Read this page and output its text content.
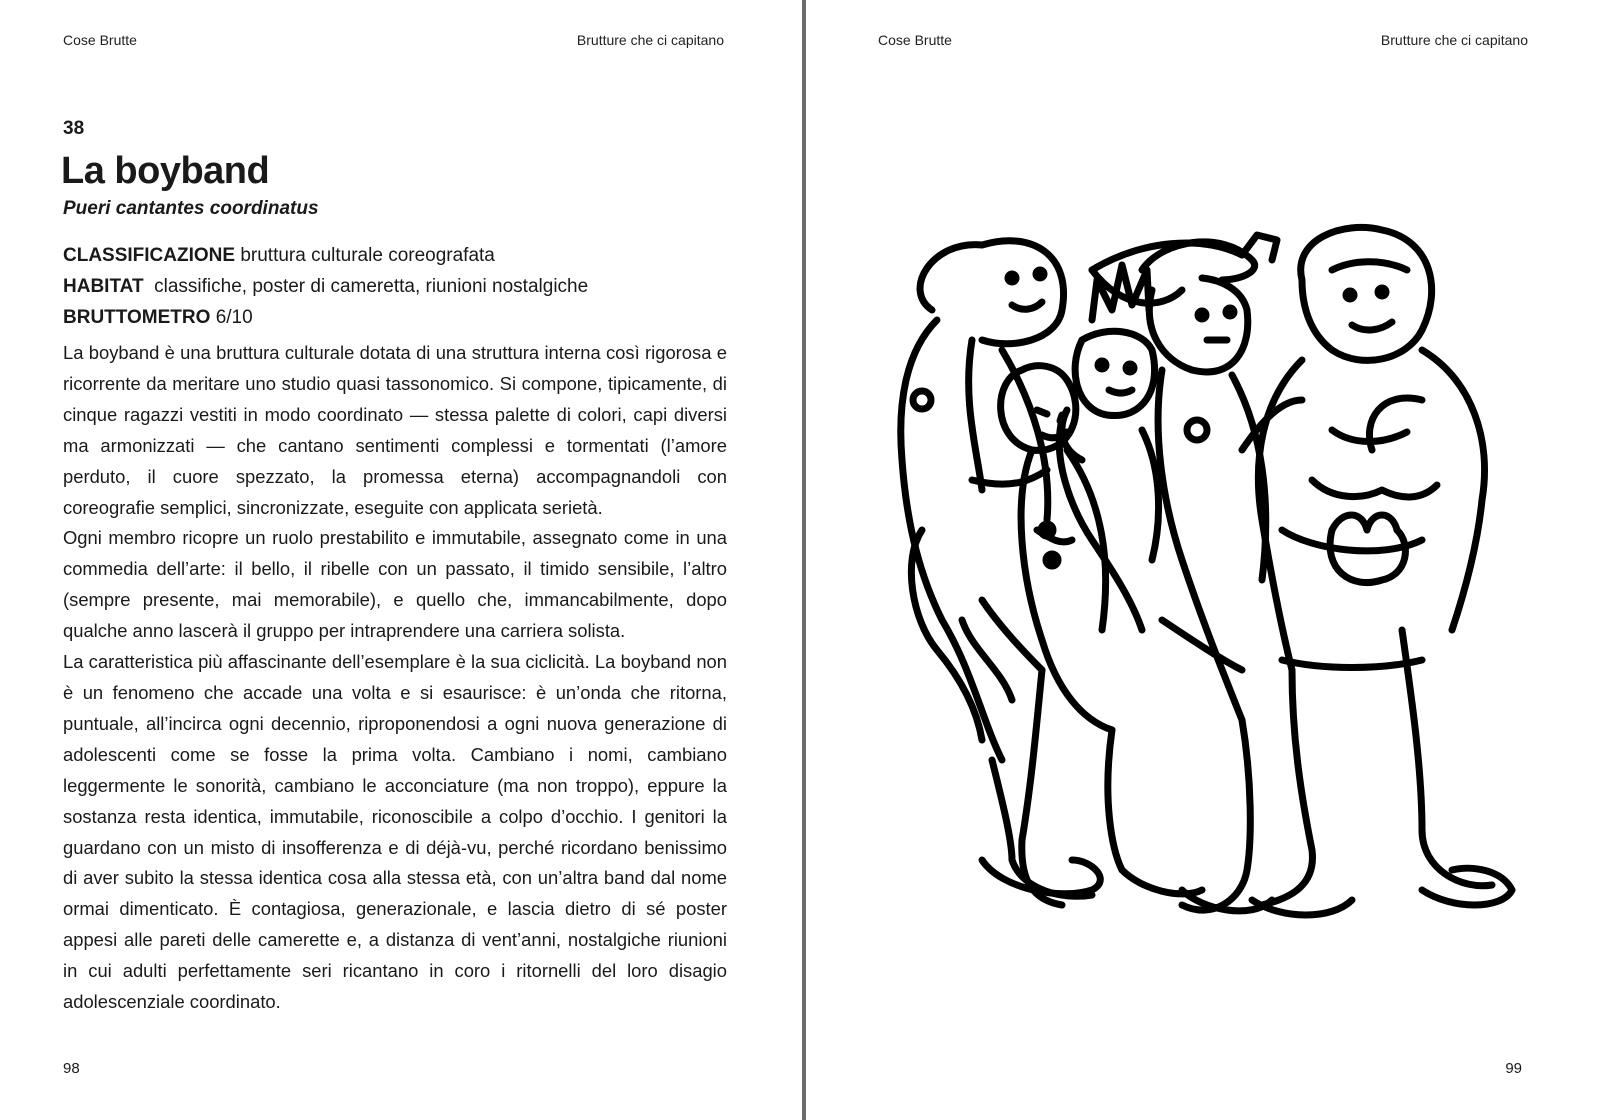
Cose Brutte	Brutture che ci capitano
38
La boyband
Pueri cantantes coordinatus
CLASSIFICAZIONE bruttura culturale coreografata
HABITAT  classifiche, poster di cameretta, riunioni nostalgiche
BRUTTOMETRO 6/10

La boyband è una bruttura culturale dotata di una struttura interna così rigorosa e ricorrente da meritare uno studio quasi tassonomico. Si compone, tipicamente, di cinque ragazzi vestiti in modo coordinato — stessa palette di colori, capi diversi ma armonizzati — che cantano sentimenti complessi e tormentati (l’amore perduto, il cuore spezzato, la promessa eterna) accompagnandoli con coreografie semplici, sincronizzate, eseguite con applicata serietà.

Ogni membro ricopre un ruolo prestabilito e immutabile, assegnato come in una commedia dell’arte: il bello, il ribelle con un passato, il timido sensibile, l’altro (sempre presente, mai memorabile), e quello che, immancabilmente, dopo qualche anno lascerà il gruppo per intraprendere una carriera solista.

La caratteristica più affascinante dell’esemplare è la sua ciclicità. La boyband non è un fenomeno che accade una volta e si esaurisce: è un’onda che ritorna, puntuale, all’incirca ogni decennio, riproponendosi a ogni nuova generazione di adolescenti come se fosse la prima volta. Cambiano i nomi, cambiano leggermente le sonorità, cambiano le acconciature (ma non troppo), eppure la sostanza resta identica, immutabile, riconoscibile a colpo d’occhio. I genitori la guardano con un misto di insofferenza e di déjà-vu, perché ricordano benissimo di aver subito la stessa identica cosa alla stessa età, con un’altra band dal nome ormai dimenticato. È contagiosa, generazionale, e lascia dietro di sé poster appesi alle pareti delle camerette e, a distanza di vent’anni, nostalgiche riunioni in cui adulti perfettamente seri ricantano in coro i ritornelli del loro disagio adolescenziale coordinato.

98
Cose Brutte	Brutture che ci capitano
99
